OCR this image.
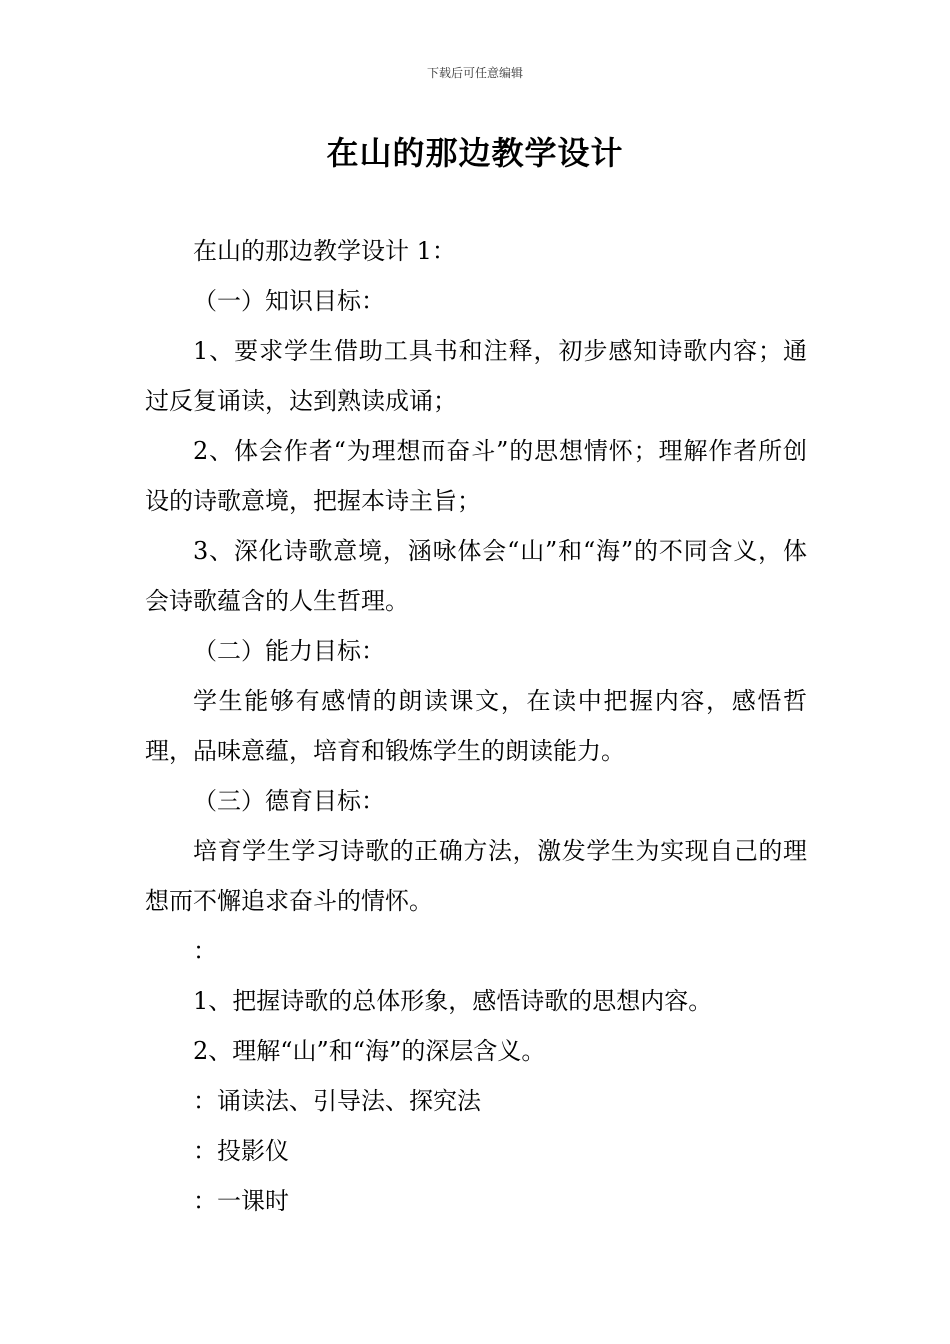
下载后可任意编辑
在山的那边教学设计

在山的那边教学设计 1：

（一）知识目标：

1、要求学生借助工具书和注释，初步感知诗歌内容；通过反复诵读，达到熟读成诵；

2、体会作者“为理想而奋斗”的思想情怀；理解作者所创设的诗歌意境，把握本诗主旨；

3、深化诗歌意境，涵咏体会“山”和“海”的不同含义，体会诗歌蕴含的人生哲理。

（二）能力目标：

学生能够有感情的朗读课文，在读中把握内容，感悟哲理，品味意蕴，培育和锻炼学生的朗读能力。

（三）德育目标：

培育学生学习诗歌的正确方法，激发学生为实现自己的理想而不懈追求奋斗的情怀。

：

1、把握诗歌的总体形象，感悟诗歌的思想内容。

2、理解“山”和“海”的深层含义。

：诵读法、引导法、探究法

：投影仪

：一课时
